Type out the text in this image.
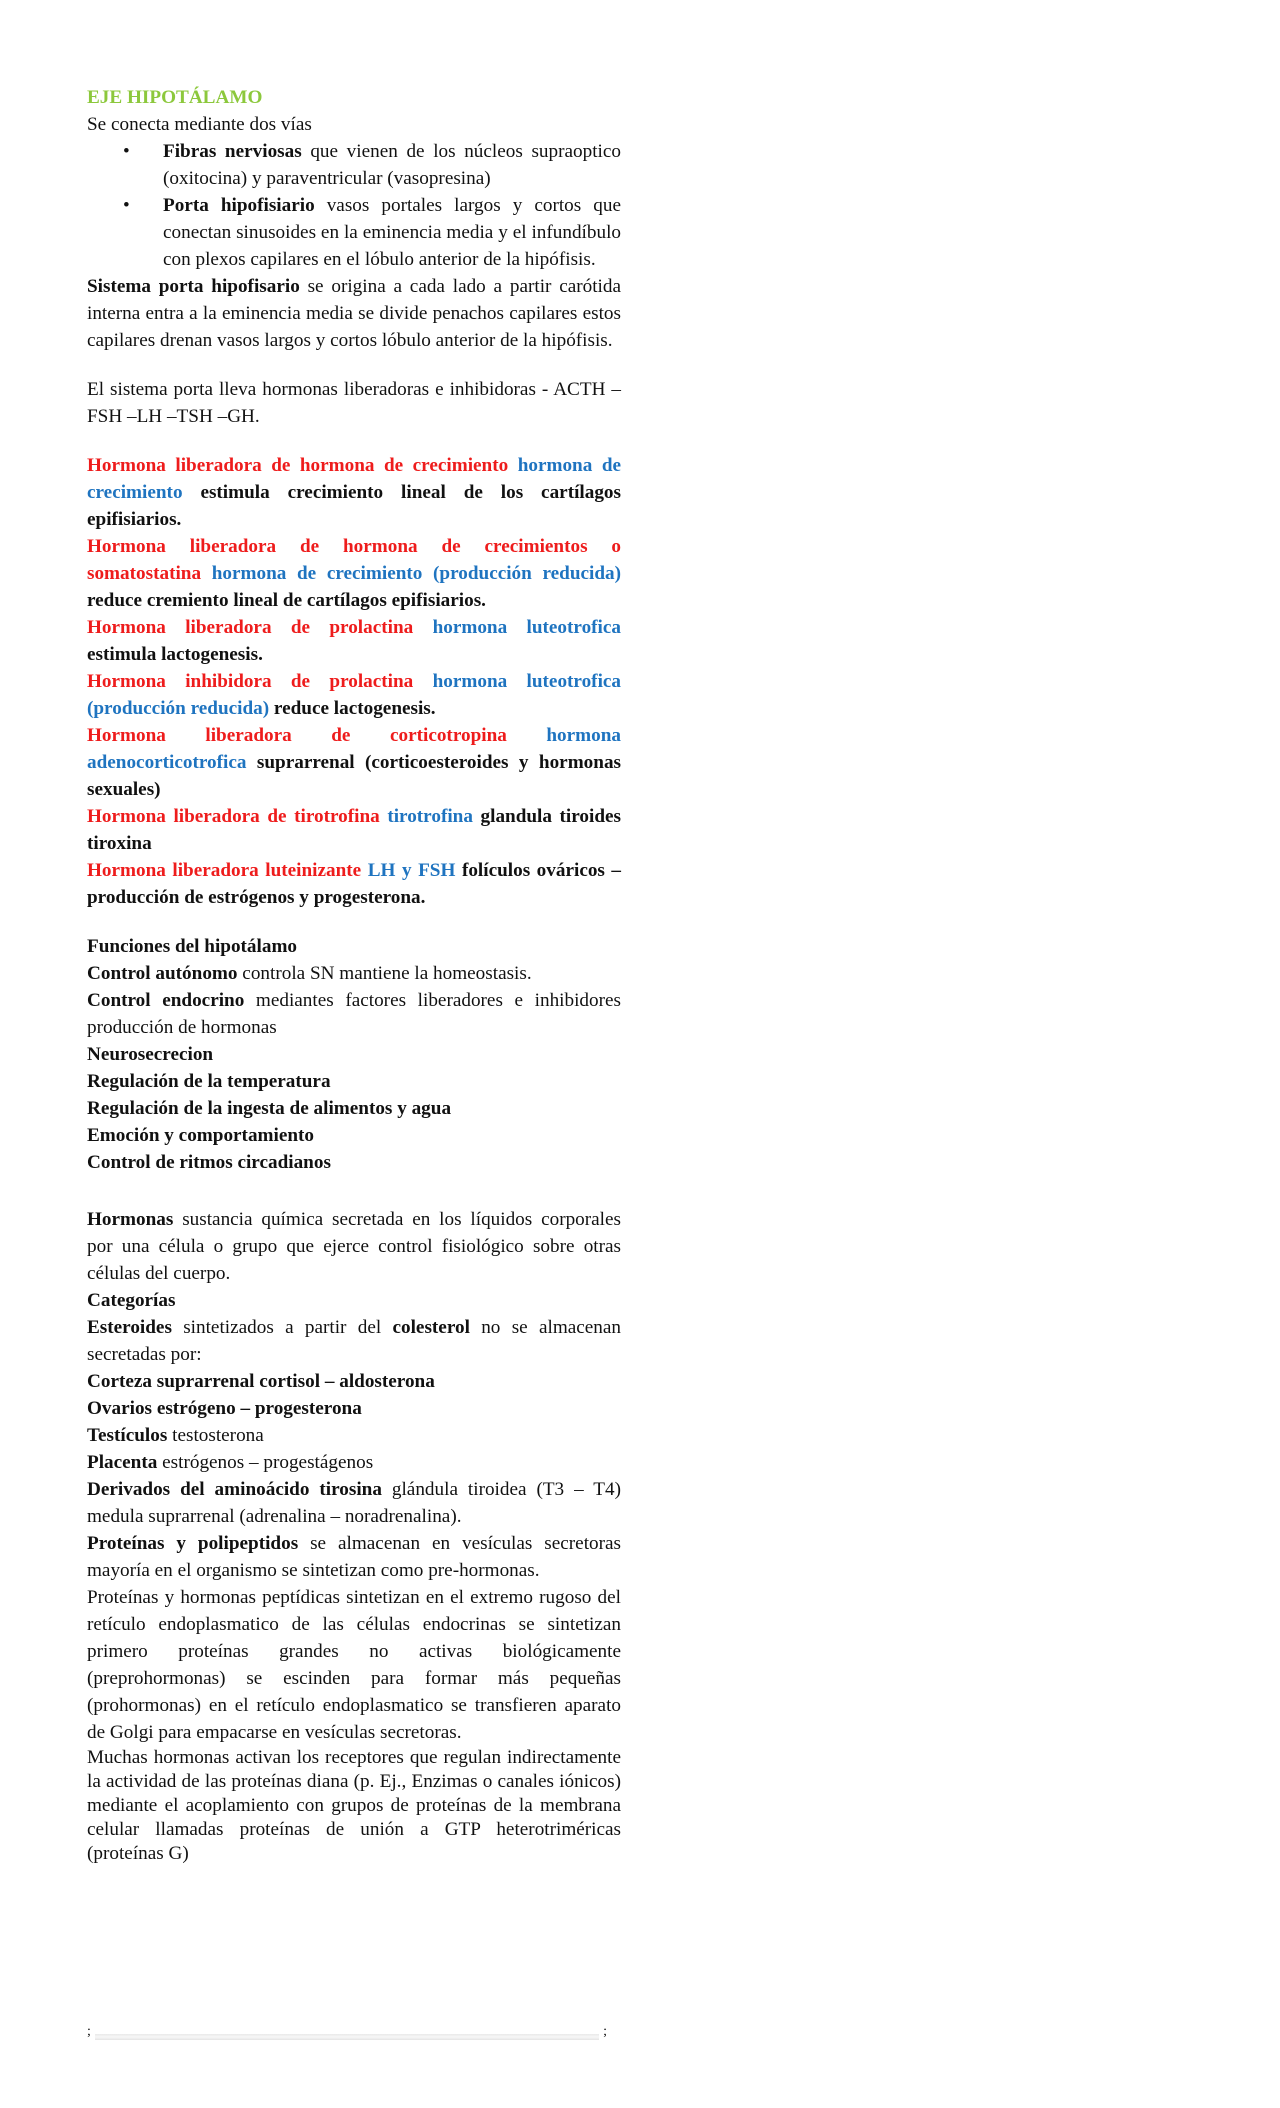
EJE HIPOTÁLAMO

Se conecta mediante dos vías

• Fibras nerviosas que vienen de los núcleos supraoptico (oxitocina) y paraventricular (vasopresina)
• Porta hipofisiario vasos portales largos y cortos que conectan sinusoides en la eminencia media y el infundíbulo con plexos capilares en el lóbulo anterior de la hipófisis.

Sistema porta hipofisario se origina a cada lado a partir carótida interna entra a la eminencia media se divide penachos capilares estos capilares drenan vasos largos y cortos lóbulo anterior de la hipófisis.

El sistema porta lleva hormonas liberadoras e inhibidoras - ACTH –FSH –LH –TSH –GH.

Hormona liberadora de hormona de crecimiento hormona de crecimiento estimula crecimiento lineal de los cartílagos epifisiarios.

Hormona liberadora de hormona de crecimientos o somatostatina hormona de crecimiento (producción reducida) reduce cremiento lineal de cartílagos epifisiarios.

Hormona liberadora de prolactina hormona luteotrofica estimula lactogenesis.

Hormona inhibidora de prolactina hormona luteotrofica (producción reducida) reduce lactogenesis.

Hormona liberadora de corticotropina hormona adenocorticotrofica suprarrenal (corticoesteroides y hormonas sexuales)

Hormona liberadora de tirotrofina tirotrofina glandula tiroides tiroxina

Hormona liberadora luteinizante LH y FSH folículos ováricos – producción de estrógenos y progesterona.

Funciones del hipotálamo

Control autónomo controla SN mantiene la homeostasis.

Control endocrino mediantes factores liberadores e inhibidores producción de hormonas

Neurosecrecion

Regulación de la temperatura

Regulación de la ingesta de alimentos y agua

Emoción y comportamiento

Control de ritmos circadianos

Hormonas sustancia química secretada en los líquidos corporales por una célula o grupo que ejerce control fisiológico sobre otras células del cuerpo.

Categorías

Esteroides sintetizados a partir del colesterol no se almacenan secretadas por:

Corteza suprarrenal cortisol – aldosterona

Ovarios estrógeno – progesterona

Testículos testosterona

Placenta estrógenos – progestágenos

Derivados del aminoácido tirosina glándula tiroidea (T3 – T4) medula suprarrenal (adrenalina – noradrenalina).

Proteínas y polipeptidos se almacenan en vesículas secretoras mayoría en el organismo se sintetizan como pre-hormonas.

Proteínas y hormonas peptídicas sintetizan en el extremo rugoso del retículo endoplasmatico de las células endocrinas se sintetizan primero proteínas grandes no activas biológicamente (preprohormonas) se escinden para formar más pequeñas (prohormonas) en el retículo endoplasmatico se transfieren aparato de Golgi para empacarse en vesículas secretoras.

Muchas hormonas activan los receptores que regulan indirectamente la actividad de las proteínas diana (p. Ej., Enzimas o canales iónicos) mediante el acoplamiento con grupos de proteínas de la membrana celular llamadas proteínas de unión a GTP heterotriméricas (proteínas G)

;	;
